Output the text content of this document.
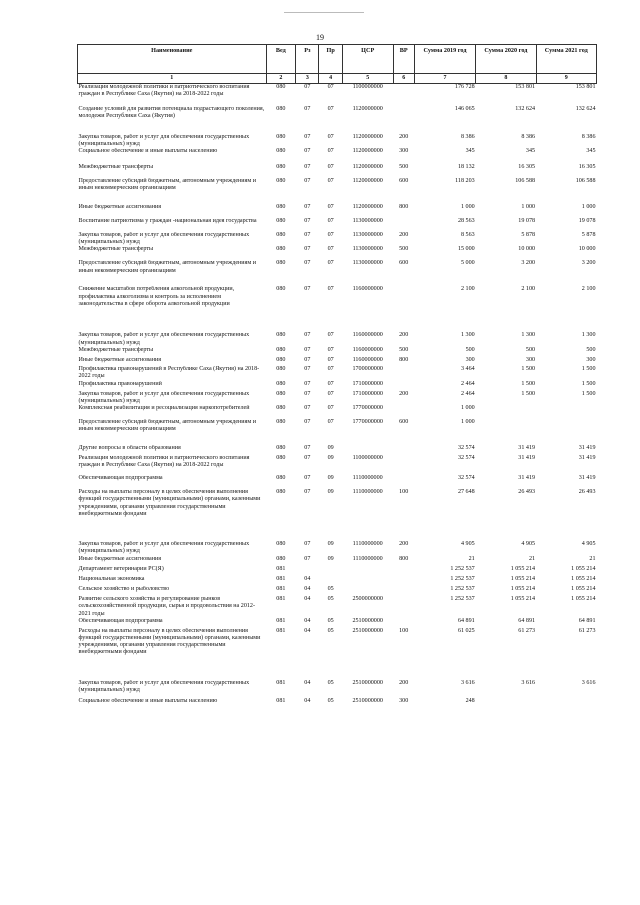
19
Наименование	Вед	Рз	Пр	ЦСР	ВР	Сумма 2019 год	Сумма 2020 год	Сумма 2021 год
1	2	3	4	5	6	7	8	9
Реализация молодежной политики и патриотического воспитания граждан в Республике Саха (Якутия) на 2018-2022 годы	080	07	07	1100000000		176 728	153 801	153 801
Создание условий для развития потенциала подрастающего поколения, молодежи Республики Саха (Якутия)	080	07	07	1120000000		146 065	132 624	132 624
Закупка товаров, работ и услуг для обеспечения государственных (муниципальных) нужд	080	07	07	1120000000	200	8 386	8 386	8 386
Социальное обеспечение и иные выплаты населению	080	07	07	1120000000	300	345	345	345
Межбюджетные трансферты	080	07	07	1120000000	500	18 132	16 305	16 305
Предоставление субсидий бюджетным, автономным учреждениям и иным некоммерческим организациям	080	07	07	1120000000	600	118 203	106 588	106 588
Иные бюджетные ассигнования	080	07	07	1120000000	800	1 000	1 000	1 000
Воспитание патриотизма у граждан -национальная идея государства	080	07	07	1130000000		28 563	19 078	19 078
Закупка товаров, работ и услуг для обеспечения государственных (муниципальных) нужд	080	07	07	1130000000	200	8 563	5 878	5 878
Межбюджетные трансферты	080	07	07	1130000000	500	15 000	10 000	10 000
Предоставление субсидий бюджетным, автономным учреждениям и иным некоммерческим организациям	080	07	07	1130000000	600	5 000	3 200	3 200
Снижение масштабов потребления алкогольной продукции, профилактика алкоголизма и контроль за исполнением законодательства в сфере оборота алкогольной продукции	080	07	07	1160000000		2 100	2 100	2 100
Закупка товаров, работ и услуг для обеспечения государственных (муниципальных) нужд	080	07	07	1160000000	200	1 300	1 300	1 300
Межбюджетные трансферты	080	07	07	1160000000	500	500	500	500
Иные бюджетные ассигнования	080	07	07	1160000000	800	300	300	300
Профилактика правонарушений в Республике Саха (Якутия) на 2018-2022 годы	080	07	07	1700000000		3 464	1 500	1 500
Профилактика правонарушений	080	07	07	1710000000		2 464	1 500	1 500
Закупка товаров, работ и услуг для обеспечения государственных (муниципальных) нужд	080	07	07	1710000000	200	2 464	1 500	1 500
Комплексная реабилитация и ресоциализация наркопотребителей	080	07	07	1770000000		1 000		
Предоставление субсидий бюджетным, автономным учреждениям и иным некоммерческим организациям	080	07	07	1770000000	600	1 000		
Другие вопросы в области образования	080	07	09			32 574	31 419	31 419
Реализация молодежной политики и патриотического воспитания граждан в Республике Саха (Якутия) на 2018-2022 годы	080	07	09	1100000000		32 574	31 419	31 419
Обеспечивающая подпрограмма	080	07	09	1110000000		32 574	31 419	31 419
Расходы на выплаты персоналу в целях обеспечения выполнения функций государственными (муниципальными) органами, казенными учреждениями, органами управления государственными внебюджетными фондами	080	07	09	1110000000	100	27 648	26 493	26 493
Закупка товаров, работ и услуг для обеспечения государственных (муниципальных) нужд	080	07	09	1110000000	200	4 905	4 905	4 905
Иные бюджетные ассигнования	080	07	09	1110000000	800	21	21	21
Департамент ветеринарии РС(Я)	081					1 252 537	1 055 214	1 055 214
Национальная экономика	081	04				1 252 537	1 055 214	1 055 214
Сельское хозяйство и рыболовство	081	04	05			1 252 537	1 055 214	1 055 214
Развитие сельского хозяйства и регулирование рынков сельскохозяйственной продукции, сырья и продовольствия на 2012-2021 годы	081	04	05	2500000000		1 252 537	1 055 214	1 055 214
Обеспечивающая подпрограмма	081	04	05	2510000000		64 891	64 891	64 891
Расходы на выплаты персоналу в целях обеспечения выполнения функций государственными (муниципальными) органами, казенными учреждениями, органами управления государственными внебюджетными фондами	081	04	05	2510000000	100	61 025	61 273	61 273
Закупка товаров, работ и услуг для обеспечения государственных (муниципальных) нужд	081	04	05	2510000000	200	3 616	3 616	3 616
Социальное обеспечение и иные выплаты населению	081	04	05	2510000000	300	248		
